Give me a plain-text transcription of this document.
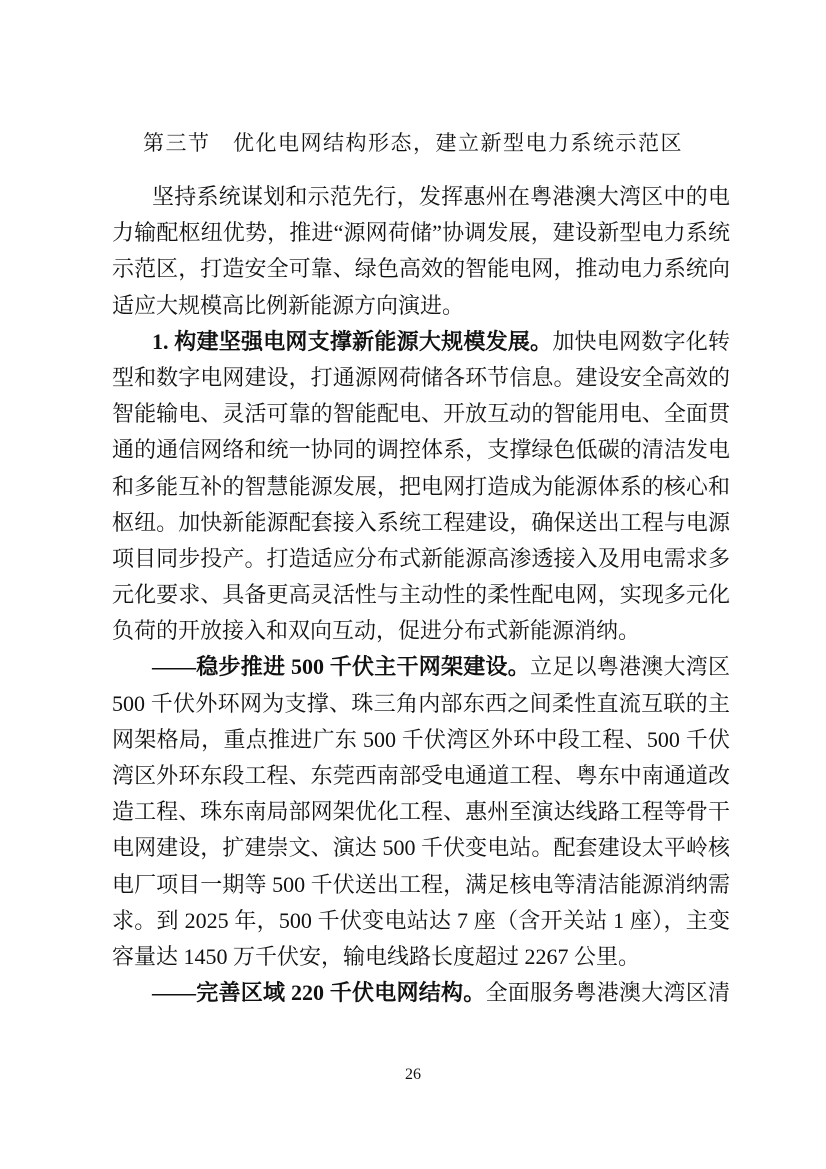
第三节　优化电网结构形态，建立新型电力系统示范区
坚持系统谋划和示范先行，发挥惠州在粤港澳大湾区中的电
力输配枢纽优势，推进“源网荷储”协调发展，建设新型电力系统
示范区，打造安全可靠、绿色高效的智能电网，推动电力系统向
适应大规模高比例新能源方向演进。
1. 构建坚强电网支撑新能源大规模发展。加快电网数字化转
型和数字电网建设，打通源网荷储各环节信息。建设安全高效的
智能输电、灵活可靠的智能配电、开放互动的智能用电、全面贯
通的通信网络和统一协同的调控体系，支撑绿色低碳的清洁发电
和多能互补的智慧能源发展，把电网打造成为能源体系的核心和
枢纽。加快新能源配套接入系统工程建设，确保送出工程与电源
项目同步投产。打造适应分布式新能源高渗透接入及用电需求多
元化要求、具备更高灵活性与主动性的柔性配电网，实现多元化
负荷的开放接入和双向互动，促进分布式新能源消纳。
——稳步推进 500 千伏主干网架建设。立足以粤港澳大湾区
500 千伏外环网为支撑、珠三角内部东西之间柔性直流互联的主
网架格局，重点推进广东 500 千伏湾区外环中段工程、500 千伏
湾区外环东段工程、东莞西南部受电通道工程、粤东中南通道改
造工程、珠东南局部网架优化工程、惠州至演达线路工程等骨干
电网建设，扩建崇文、演达 500 千伏变电站。配套建设太平岭核
电厂项目一期等 500 千伏送出工程，满足核电等清洁能源消纳需
求。到 2025 年，500 千伏变电站达 7 座（含开关站 1 座），主变
容量达 1450 万千伏安，输电线路长度超过 2267 公里。
——完善区域 220 千伏电网结构。全面服务粤港澳大湾区清
26
